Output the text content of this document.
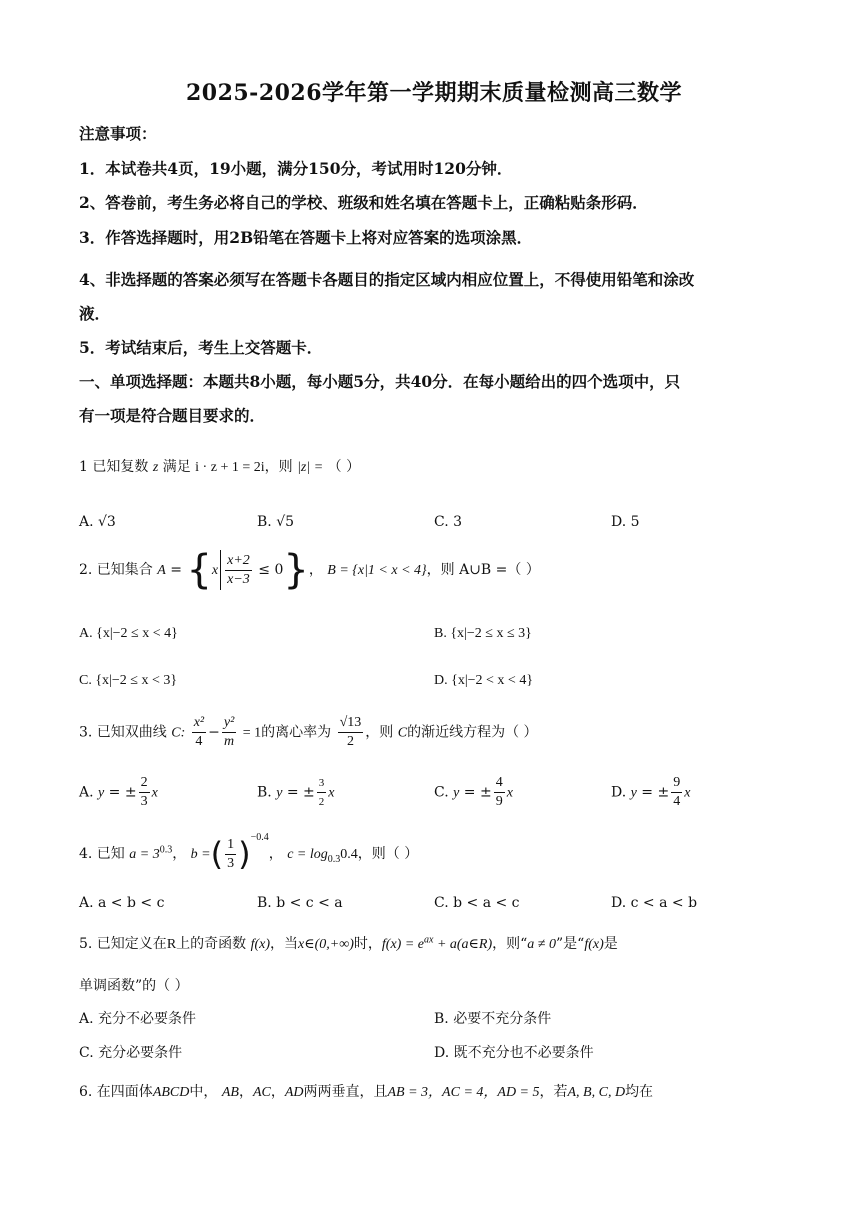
2025-2026学年第一学期期末质量检测高三数学
注意事项：
1．本试卷共4页，19小题，满分150分，考试用时120分钟．
2、答卷前，考生务必将自己的学校、班级和姓名填在答题卡上，正确粘贴条形码．
3．作答选择题时，用2B铅笔在答题卡上将对应答案的选项涂黑．
4、非选择题的答案必须写在答题卡各题目的指定区域内相应位置上，不得使用铅笔和涂改
液．
5．考试结束后，考生上交答题卡．
一、单项选择题：本题共8小题，每小题5分，共40分．在每小题给出的四个选项中，只
有一项是符合题目要求的．
1 已知复数 z 满足 i · z + 1 = 2i，则 |z| = （ ）
A. √3	B. √5	C. 3	D. 5
2. 已知集合 $A = \{x \frac{x+2}{x-3} \le 0\}$， B = {x|1 < x < 4}，则 A∪B =（ ）
A. {x|−2 ≤ x < 4}	B. {x|−2 ≤ x ≤ 3}
C. {x|−2 ≤ x < 3}	D. {x|−2 < x < 4}
3. 已知双曲线 C: $\frac{\text{x²}}{4} - \frac{\text{y²}}{m} = 1$的离心率为 $\frac{√13}{2}$ ，则 C的渐近线方程为（ ）
A. y = ± $\frac{2}{3}$ x	B. y = ± $\frac{3}{2}$ x	C. y = ± $\frac{4}{9}$ x	D. y = ± $\frac{9}{4}$ x
4. 已知 $a = 3^{0.3}$， b =( $\frac{1}{3} )^{-0.4}$， $c = \log_{0.3}0.4$，则（ ）
A. a < b < c	B. b < c < a	C. b < a < c	D. c < a < b
5. 已知定义在R上的奇函数 f(x)，当x∈(0,+∞)时，$f(x) = e^{ax}$ + a(a∈R)，则“a ≠ 0”是“f(x)是
单调函数”的（ ）
A. 充分不必要条件	B. 必要不充分条件
C. 充分必要条件	D. 既不充分也不必要条件
6. 在四面体ABCD中， AB，AC，AD两两垂直，且AB = 3，AC = 4，AD = 5，若A, B, C, D均在
